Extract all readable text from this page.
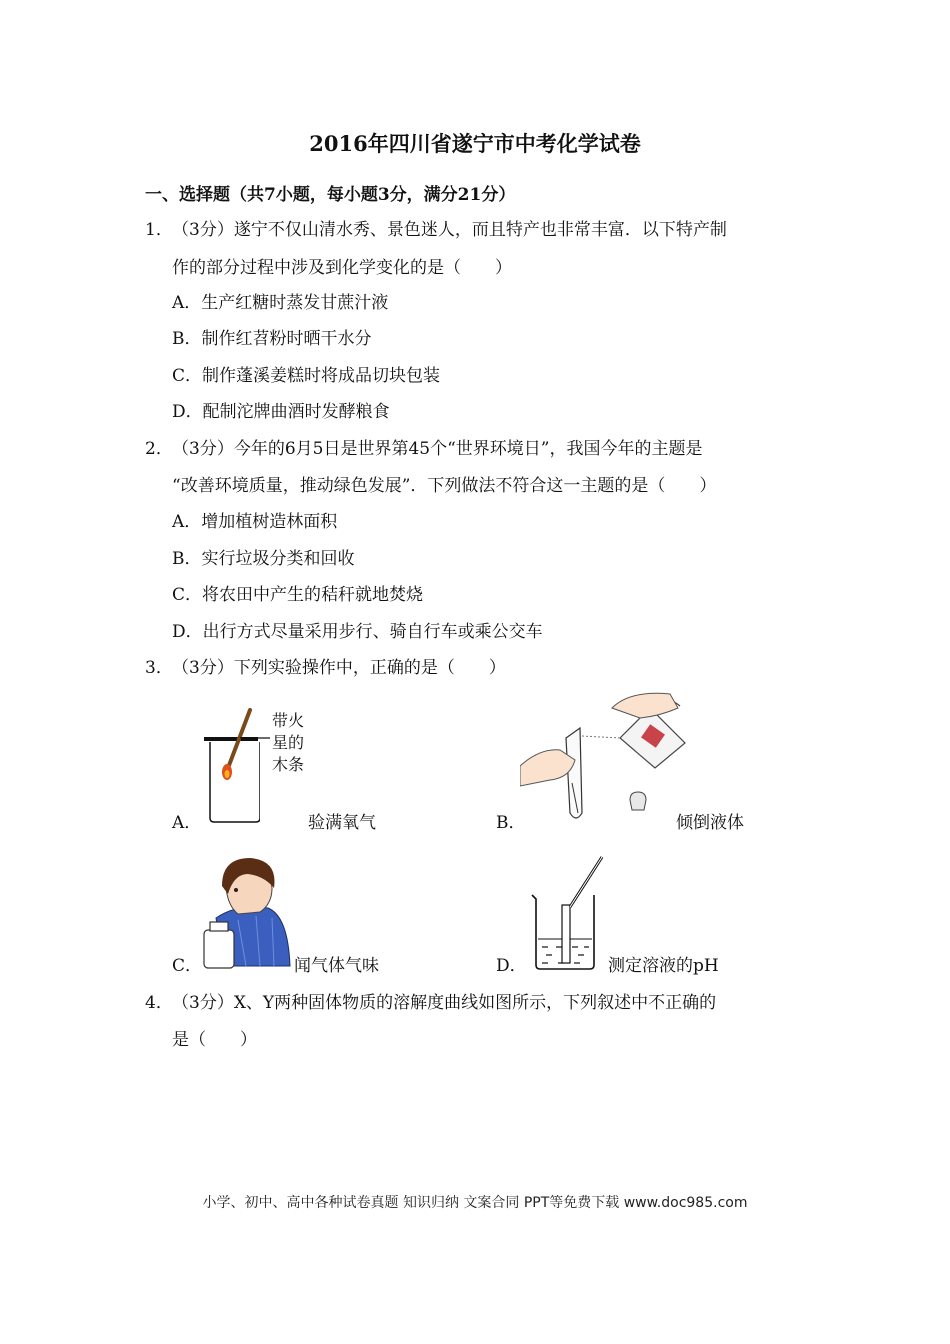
2016年四川省遂宁市中考化学试卷
一、选择题（共7小题，每小题3分，满分21分）
1． （3分）遂宁不仅山清水秀、景色迷人，而且特产也非常丰富．以下特产制
作的部分过程中涉及到化学变化的是（　　）
A．生产红糖时蒸发甘蔗汁液
B．制作红苕粉时晒干水分
C．制作蓬溪姜糕时将成品切块包装
D．配制沱牌曲酒时发酵粮食
2． （3分）今年的6月5日是世界第45个“世界环境日”，我国今年的主题是
“改善环境质量，推动绿色发展”．下列做法不符合这一主题的是（　　）
A．增加植树造林面积
B．实行垃圾分类和回收
C．将农田中产生的秸秆就地焚烧
D．出行方式尽量采用步行、骑自行车或乘公交车
3． （3分）下列实验操作中，正确的是（　　）
带火
星的
木条
A．	验满氧气	B．	倾倒液体
C．	闻气体气味	D．	测定溶液的pH
4． （3分）X、Y两种固体物质的溶解度曲线如图所示，下列叙述中不正确的
是（　　）
小学、初中、高中各种试卷真题 知识归纳 文案合同 PPT等免费下载 www.doc985.com
